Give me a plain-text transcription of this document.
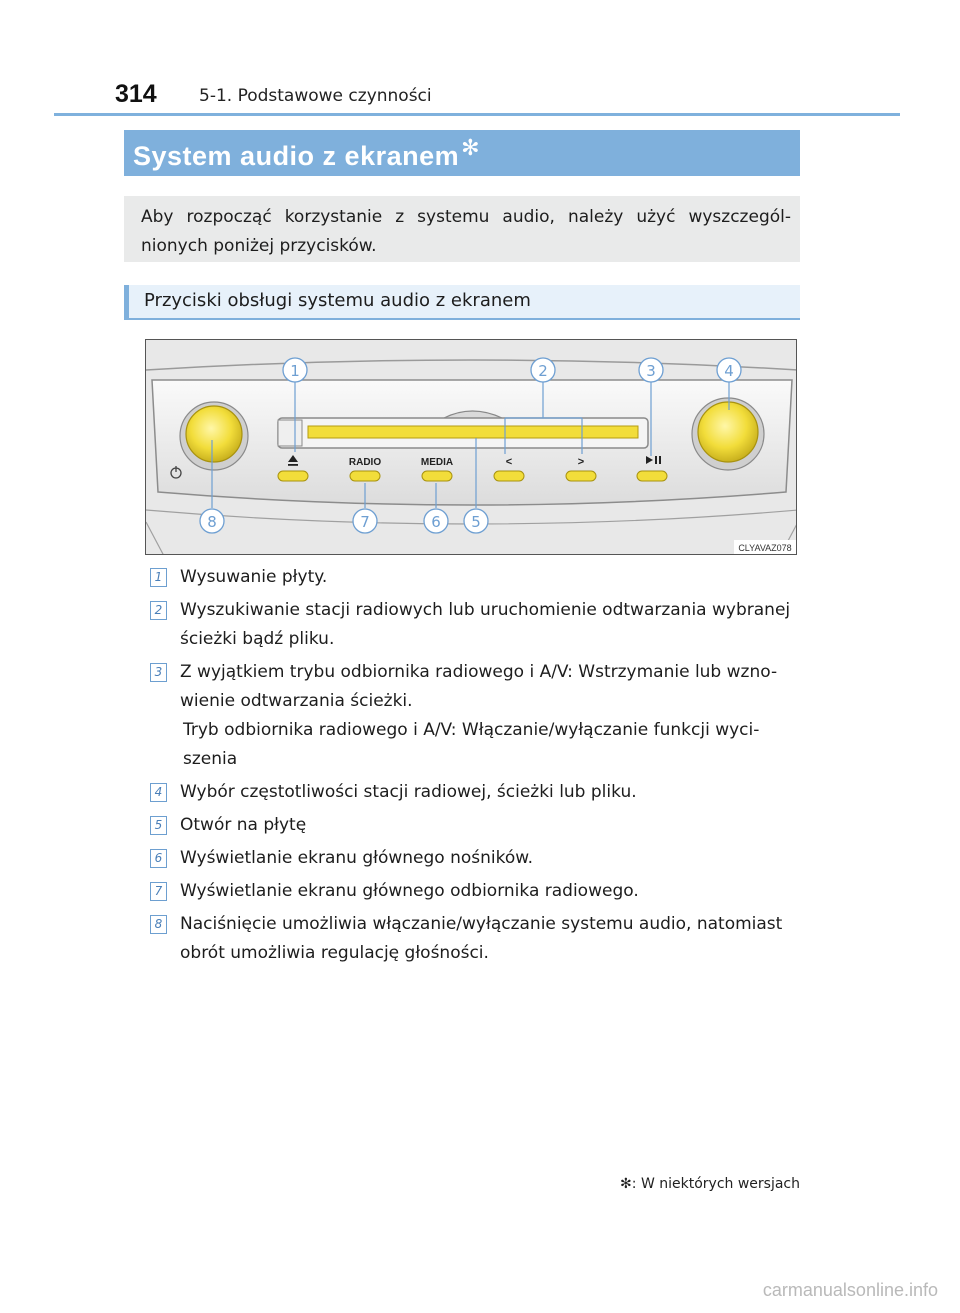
314 5-1. Podstawowe czynności
System audio z ekranem✻
Aby rozpocząć korzystanie z systemu audio, należy użyć wyszczegól-nionych poniżej przycisków.
Przyciski obsługi systemu audio z ekranem
RADIO	MEDIA	<	>
1	2	3	4
5
6
7
8
CLYAVAZ078
1 Wysuwanie płyty.
2 Wyszukiwanie stacji radiowych lub uruchomienie odtwarzania wybranej
ścieżki bądź pliku.
3 Z wyjątkiem trybu odbiornika radiowego i A/V: Wstrzymanie lub wzno-
wienie odtwarzania ścieżki.
Tryb odbiornika radiowego i A/V: Włączanie/wyłączanie funkcji wyci-
szenia
4 Wybór częstotliwości stacji radiowej, ścieżki lub pliku.
5 Otwór na płytę
6 Wyświetlanie ekranu głównego nośników.
7 Wyświetlanie ekranu głównego odbiornika radiowego.
8 Naciśnięcie umożliwia włączanie/wyłączanie systemu audio, natomiast
obrót umożliwia regulację głośności.
✻: W niektórych wersjach
carmanualsonline.info
